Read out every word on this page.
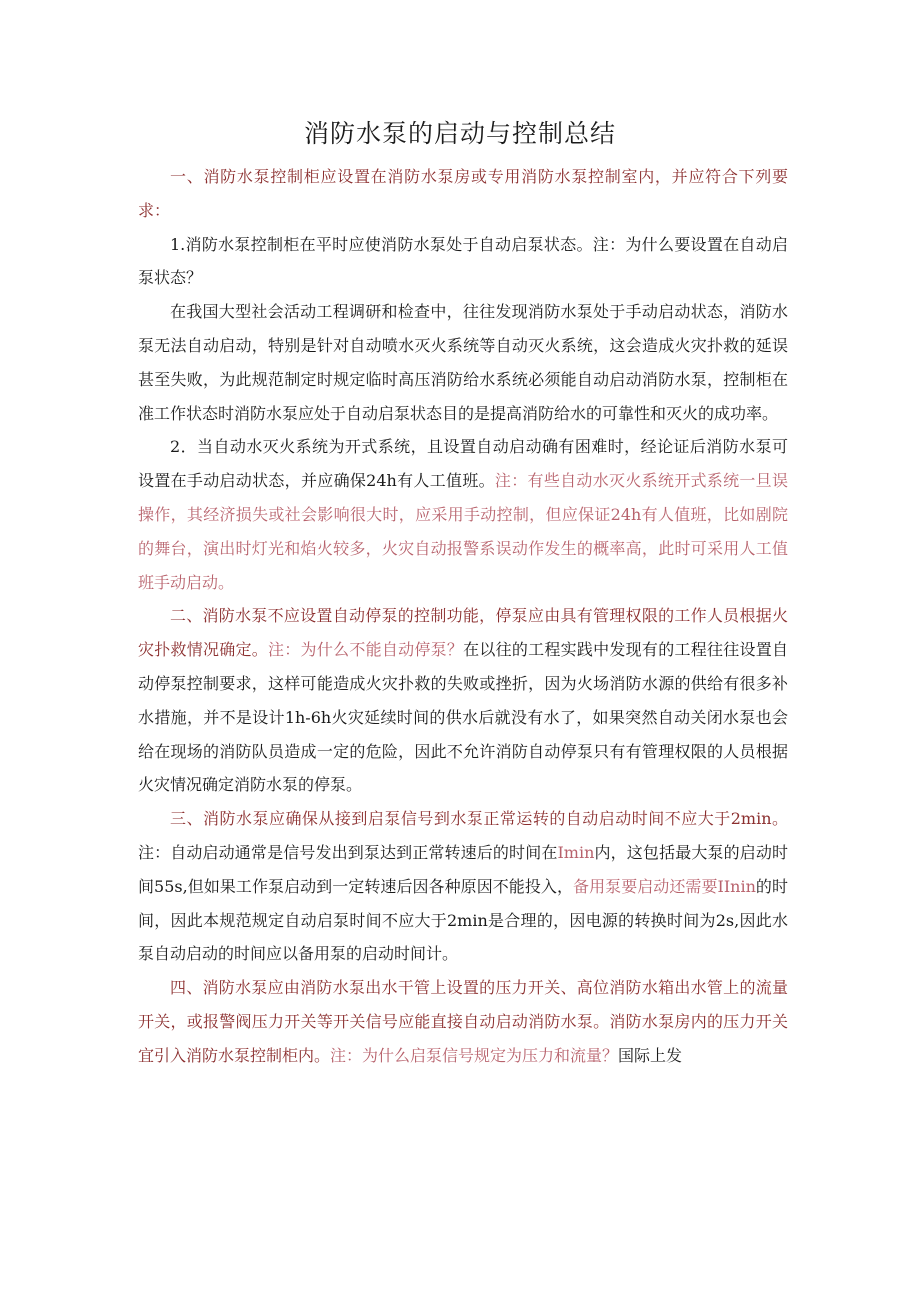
消防水泵的启动与控制总结

一、消防水泵控制柜应设置在消防水泵房或专用消防水泵控制室内，并应符合下列要求：

1.消防水泵控制柜在平时应使消防水泵处于自动启泵状态。注：为什么要设置在自动启泵状态？

在我国大型社会活动工程调研和检查中，往往发现消防水泵处于手动启动状态，消防水泵无法自动启动，特别是针对自动喷水灭火系统等自动灭火系统，这会造成火灾扑救的延误甚至失败，为此规范制定时规定临时高压消防给水系统必须能自动启动消防水泵，控制柜在准工作状态时消防水泵应处于自动启泵状态目的是提高消防给水的可靠性和灭火的成功率。

2．当自动水灭火系统为开式系统，且设置自动启动确有困难时，经论证后消防水泵可设置在手动启动状态，并应确保24h有人工值班。注：有些自动水灭火系统开式系统一旦误操作，其经济损失或社会影响很大时，应采用手动控制，但应保证24h有人值班，比如剧院的舞台，演出时灯光和焰火较多，火灾自动报警系误动作发生的概率高，此时可采用人工值班手动启动。

二、消防水泵不应设置自动停泵的控制功能，停泵应由具有管理权限的工作人员根据火灾扑救情况确定。注：为什么不能自动停泵？在以往的工程实践中发现有的工程往往设置自动停泵控制要求，这样可能造成火灾扑救的失败或挫折，因为火场消防水源的供给有很多补水措施，并不是设计1h-6h火灾延续时间的供水后就没有水了，如果突然自动关闭水泵也会给在现场的消防队员造成一定的危险，因此不允许消防自动停泵只有有管理权限的人员根据火灾情况确定消防水泵的停泵。

三、消防水泵应确保从接到启泵信号到水泵正常运转的自动启动时间不应大于2min。注：自动启动通常是信号发出到泵达到正常转速后的时间在Imin内，这包括最大泵的启动时间55s,但如果工作泵启动到一定转速后因各种原因不能投入，备用泵要启动还需要IInin的时间，因此本规范规定自动启泵时间不应大于2min是合理的，因电源的转换时间为2s,因此水泵自动启动的时间应以备用泵的启动时间计。

四、消防水泵应由消防水泵出水干管上设置的压力开关、高位消防水箱出水管上的流量开关，或报警阀压力开关等开关信号应能直接自动启动消防水泵。消防水泵房内的压力开关宜引入消防水泵控制柜内。注：为什么启泵信号规定为压力和流量？国际上发
